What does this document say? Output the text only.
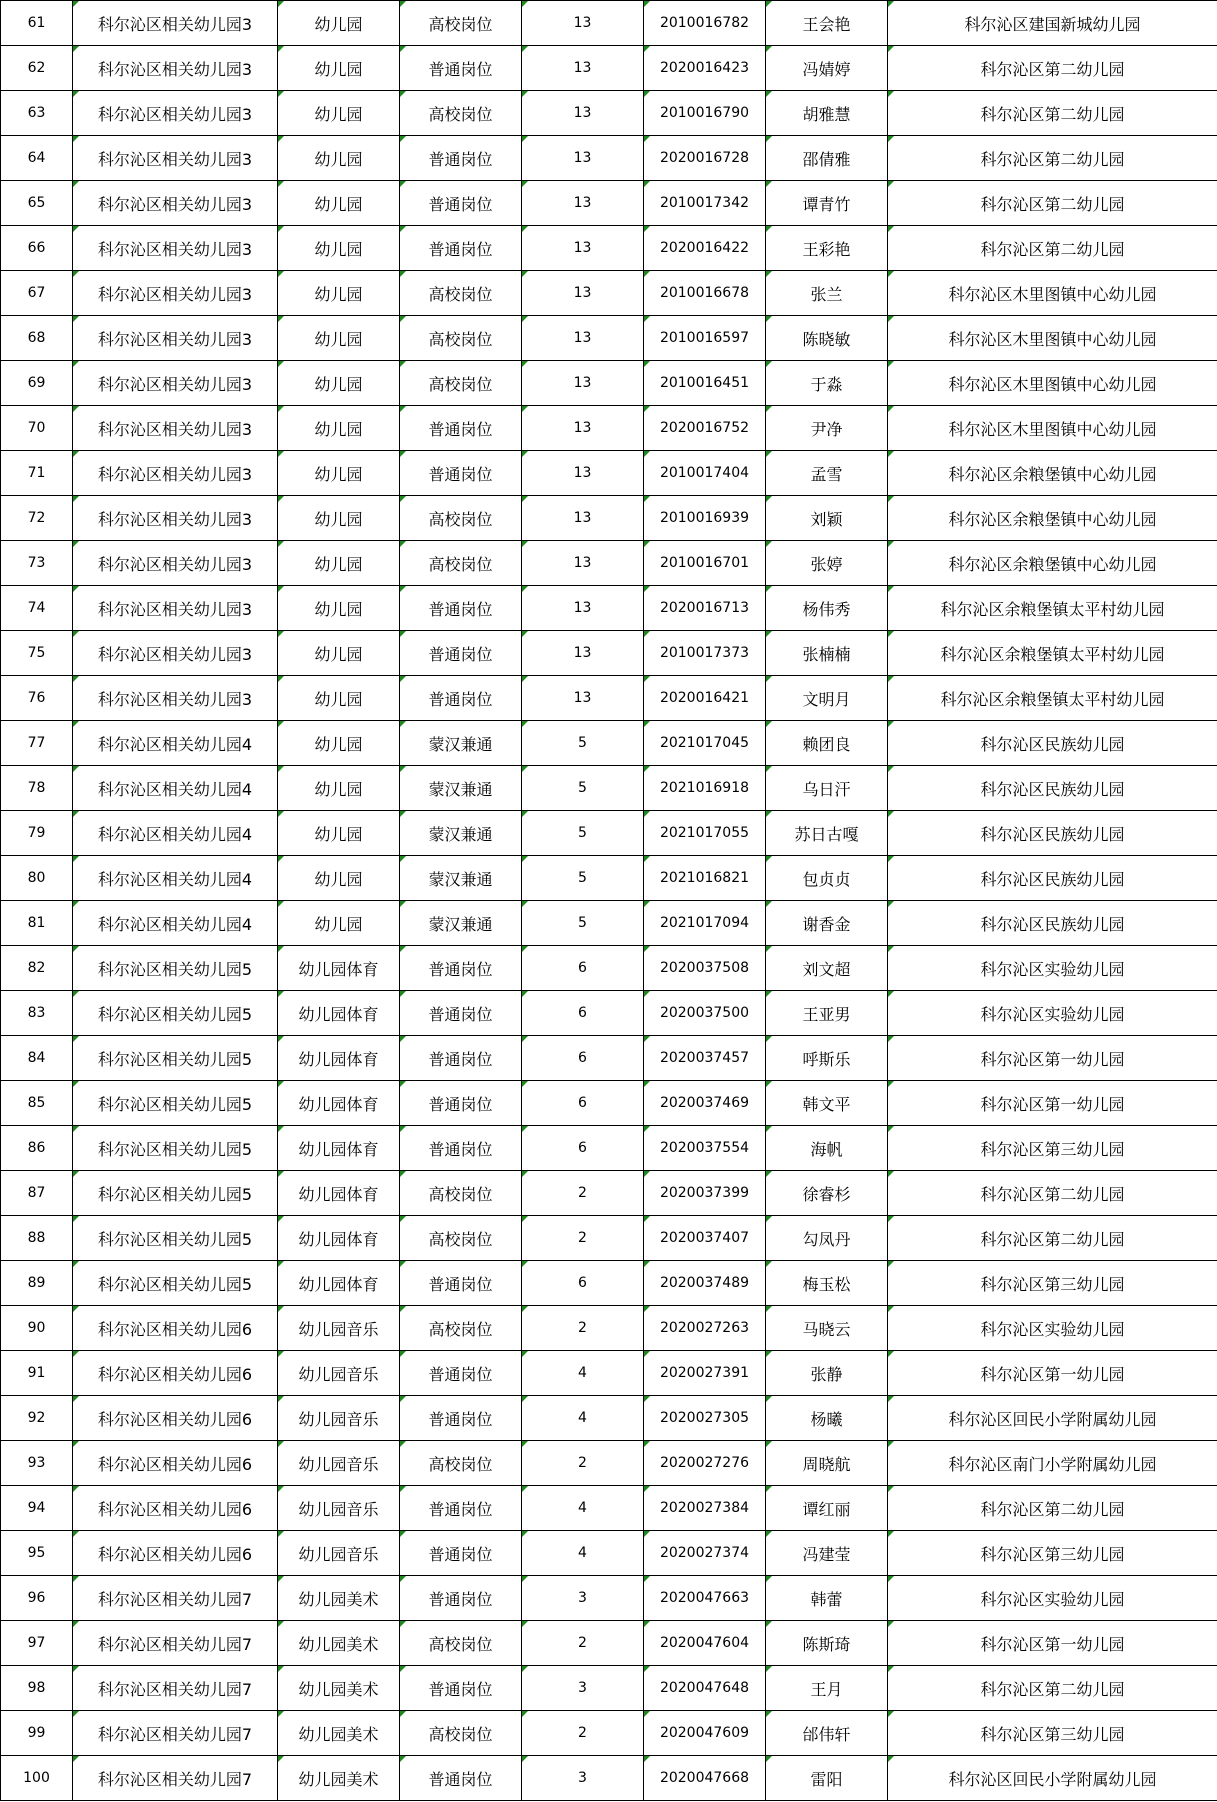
61	科尔沁区相关幼儿园3	幼儿园	高校岗位	13	2010016782	王会艳	科尔沁区建国新城幼儿园
62	科尔沁区相关幼儿园3	幼儿园	普通岗位	13	2020016423	冯婧婷	科尔沁区第二幼儿园
63	科尔沁区相关幼儿园3	幼儿园	高校岗位	13	2010016790	胡雅慧	科尔沁区第二幼儿园
64	科尔沁区相关幼儿园3	幼儿园	普通岗位	13	2020016728	邵倩雅	科尔沁区第二幼儿园
65	科尔沁区相关幼儿园3	幼儿园	普通岗位	13	2010017342	谭青竹	科尔沁区第二幼儿园
66	科尔沁区相关幼儿园3	幼儿园	普通岗位	13	2020016422	王彩艳	科尔沁区第二幼儿园
67	科尔沁区相关幼儿园3	幼儿园	高校岗位	13	2010016678	张兰	科尔沁区木里图镇中心幼儿园
68	科尔沁区相关幼儿园3	幼儿园	高校岗位	13	2010016597	陈晓敏	科尔沁区木里图镇中心幼儿园
69	科尔沁区相关幼儿园3	幼儿园	高校岗位	13	2010016451	于淼	科尔沁区木里图镇中心幼儿园
70	科尔沁区相关幼儿园3	幼儿园	普通岗位	13	2020016752	尹净	科尔沁区木里图镇中心幼儿园
71	科尔沁区相关幼儿园3	幼儿园	普通岗位	13	2010017404	孟雪	科尔沁区余粮堡镇中心幼儿园
72	科尔沁区相关幼儿园3	幼儿园	高校岗位	13	2010016939	刘颖	科尔沁区余粮堡镇中心幼儿园
73	科尔沁区相关幼儿园3	幼儿园	高校岗位	13	2010016701	张婷	科尔沁区余粮堡镇中心幼儿园
74	科尔沁区相关幼儿园3	幼儿园	普通岗位	13	2020016713	杨伟秀	科尔沁区余粮堡镇太平村幼儿园
75	科尔沁区相关幼儿园3	幼儿园	普通岗位	13	2010017373	张楠楠	科尔沁区余粮堡镇太平村幼儿园
76	科尔沁区相关幼儿园3	幼儿园	普通岗位	13	2020016421	文明月	科尔沁区余粮堡镇太平村幼儿园
77	科尔沁区相关幼儿园4	幼儿园	蒙汉兼通	5	2021017045	赖团良	科尔沁区民族幼儿园
78	科尔沁区相关幼儿园4	幼儿园	蒙汉兼通	5	2021016918	乌日汗	科尔沁区民族幼儿园
79	科尔沁区相关幼儿园4	幼儿园	蒙汉兼通	5	2021017055	苏日古嘎	科尔沁区民族幼儿园
80	科尔沁区相关幼儿园4	幼儿园	蒙汉兼通	5	2021016821	包贞贞	科尔沁区民族幼儿园
81	科尔沁区相关幼儿园4	幼儿园	蒙汉兼通	5	2021017094	谢香金	科尔沁区民族幼儿园
82	科尔沁区相关幼儿园5	幼儿园体育	普通岗位	6	2020037508	刘文超	科尔沁区实验幼儿园
83	科尔沁区相关幼儿园5	幼儿园体育	普通岗位	6	2020037500	王亚男	科尔沁区实验幼儿园
84	科尔沁区相关幼儿园5	幼儿园体育	普通岗位	6	2020037457	呼斯乐	科尔沁区第一幼儿园
85	科尔沁区相关幼儿园5	幼儿园体育	普通岗位	6	2020037469	韩文平	科尔沁区第一幼儿园
86	科尔沁区相关幼儿园5	幼儿园体育	普通岗位	6	2020037554	海帆	科尔沁区第三幼儿园
87	科尔沁区相关幼儿园5	幼儿园体育	高校岗位	2	2020037399	徐睿杉	科尔沁区第二幼儿园
88	科尔沁区相关幼儿园5	幼儿园体育	高校岗位	2	2020037407	勾凤丹	科尔沁区第二幼儿园
89	科尔沁区相关幼儿园5	幼儿园体育	普通岗位	6	2020037489	梅玉松	科尔沁区第三幼儿园
90	科尔沁区相关幼儿园6	幼儿园音乐	高校岗位	2	2020027263	马晓云	科尔沁区实验幼儿园
91	科尔沁区相关幼儿园6	幼儿园音乐	普通岗位	4	2020027391	张静	科尔沁区第一幼儿园
92	科尔沁区相关幼儿园6	幼儿园音乐	普通岗位	4	2020027305	杨曦	科尔沁区回民小学附属幼儿园
93	科尔沁区相关幼儿园6	幼儿园音乐	高校岗位	2	2020027276	周晓航	科尔沁区南门小学附属幼儿园
94	科尔沁区相关幼儿园6	幼儿园音乐	普通岗位	4	2020027384	谭红丽	科尔沁区第二幼儿园
95	科尔沁区相关幼儿园6	幼儿园音乐	普通岗位	4	2020027374	冯建莹	科尔沁区第三幼儿园
96	科尔沁区相关幼儿园7	幼儿园美术	普通岗位	3	2020047663	韩蕾	科尔沁区实验幼儿园
97	科尔沁区相关幼儿园7	幼儿园美术	高校岗位	2	2020047604	陈斯琦	科尔沁区第一幼儿园
98	科尔沁区相关幼儿园7	幼儿园美术	普通岗位	3	2020047648	王月	科尔沁区第二幼儿园
99	科尔沁区相关幼儿园7	幼儿园美术	高校岗位	2	2020047609	邰伟轩	科尔沁区第三幼儿园
100	科尔沁区相关幼儿园7	幼儿园美术	普通岗位	3	2020047668	雷阳	科尔沁区回民小学附属幼儿园
